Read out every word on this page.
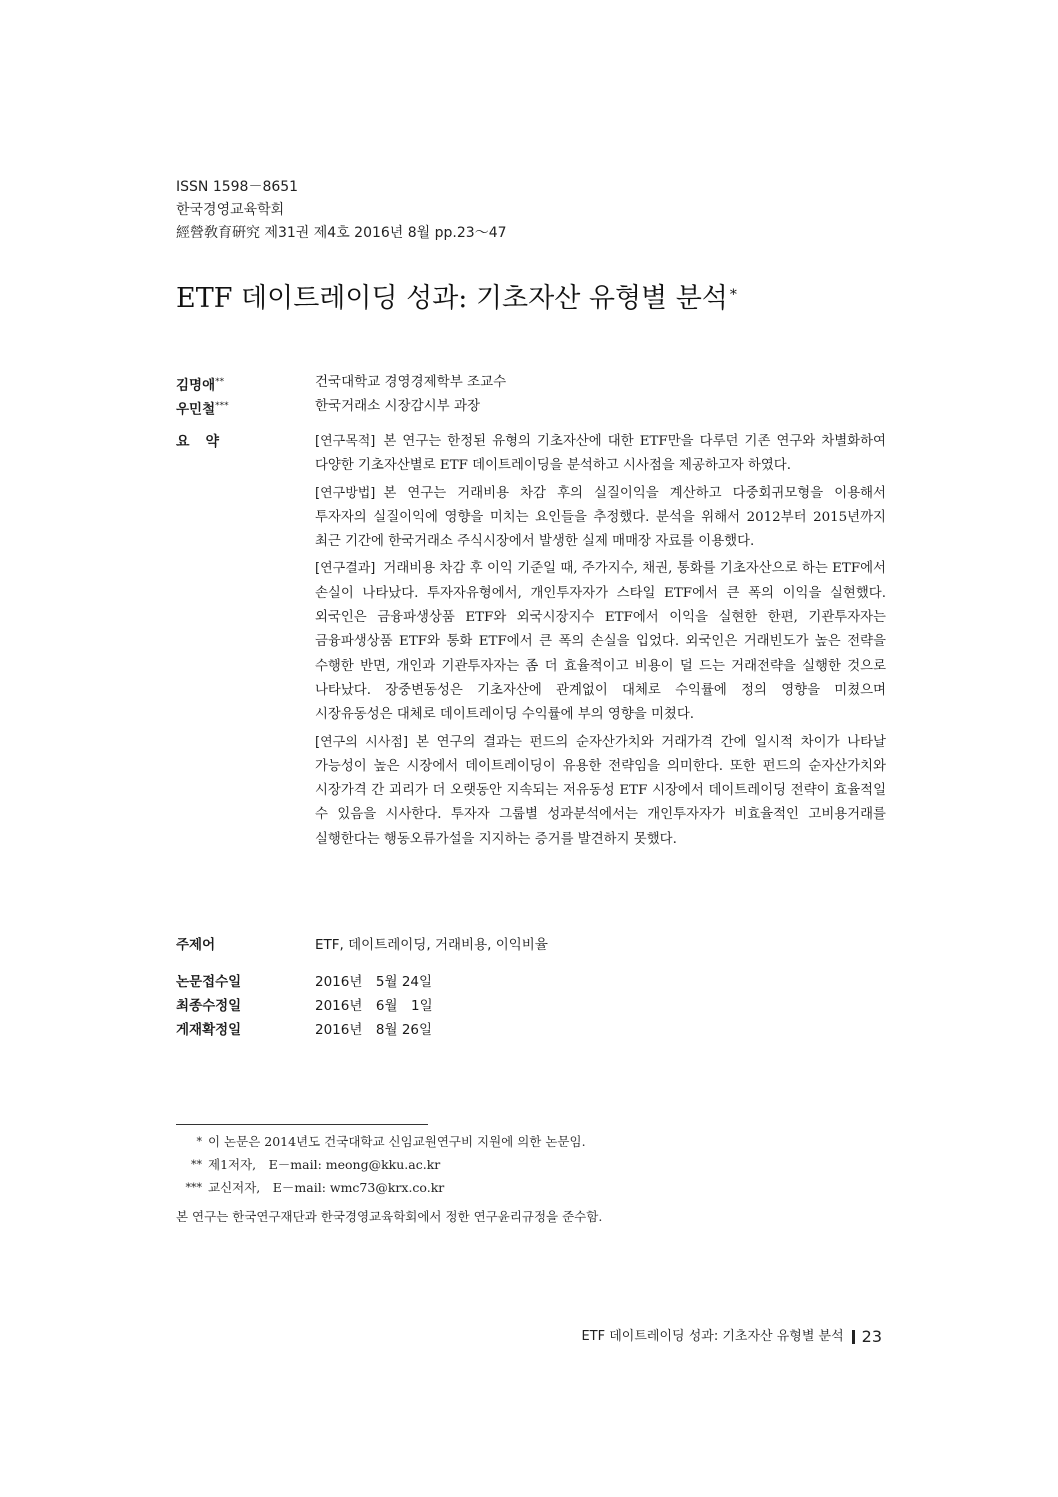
ISSN 1598－8651
한국경영교육학회
經營敎育硏究 제31권 제4호 2016년 8월 pp.23～47
ETF 데이트레이딩 성과: 기초자산 유형별 분석 *
김명애**	건국대학교 경영경제학부 조교수
우민철***	한국거래소 시장감시부 과장
요약	[연구목적] 본 연구는 한정된 유형의 기초자산에 대한 ETF만을 다루던 기존 연구와 차별화하여 다양한 기초자산별로 ETF 데이트레이딩을 분석하고 시사점을 제공하고자 하였다.

[연구방법] 본 연구는 거래비용 차감 후의 실질이익을 계산하고 다중회귀모형을 이용해서 투자자의 실질이익에 영향을 미치는 요인들을 추정했다. 분석을 위해서 2012부터 2015년까지 최근 기간에 한국거래소 주식시장에서 발생한 실제 매매장 자료를 이용했다.

[연구결과] 거래비용 차감 후 이익 기준일 때, 주가지수, 채권, 통화를 기초자산으로 하는 ETF에서 손실이 나타났다. 투자자유형에서, 개인투자자가 스타일 ETF에서 큰 폭의 이익을 실현했다. 외국인은 금융파생상품 ETF와 외국시장지수 ETF에서 이익을 실현한 한편, 기관투자자는 금융파생상품 ETF와 통화 ETF에서 큰 폭의 손실을 입었다. 외국인은 거래빈도가 높은 전략을 수행한 반면, 개인과 기관투자자는 좀 더 효율적이고 비용이 덜 드는 거래전략을 실행한 것으로 나타났다. 장중변동성은 기초자산에 관계없이 대체로 수익률에 정의 영향을 미쳤으며 시장유동성은 대체로 데이트레이딩 수익률에 부의 영향을 미쳤다.

[연구의 시사점] 본 연구의 결과는 펀드의 순자산가치와 거래가격 간에 일시적 차이가 나타날 가능성이 높은 시장에서 데이트레이딩이 유용한 전략임을 의미한다. 또한 펀드의 순자산가치와 시장가격 간 괴리가 더 오랫동안 지속되는 저유동성 ETF 시장에서 데이트레이딩 전략이 효율적일 수 있음을 시사한다. 투자자 그룹별 성과분석에서는 개인투자자가 비효율적인 고비용거래를 실행한다는 행동오류가설을 지지하는 증거를 발견하지 못했다.

주제어	ETF, 데이트레이딩, 거래비용, 이익비율
논문접수일	2016년　5월 24일
최종수정일	2016년　6월　1일
게재확정일	2016년　8월 26일
* 이 논문은 2014년도 건국대학교 신임교원연구비 지원에 의한 논문임.
** 제1저자,　E－mail: meong@kku.ac.kr
*** 교신저자,　E－mail: wmc73@krx.co.kr
본 연구는 한국연구재단과 한국경영교육학회에서 정한 연구윤리규정을 준수함.
ETF 데이트레이딩 성과: 기초자산 유형별 분석 23
